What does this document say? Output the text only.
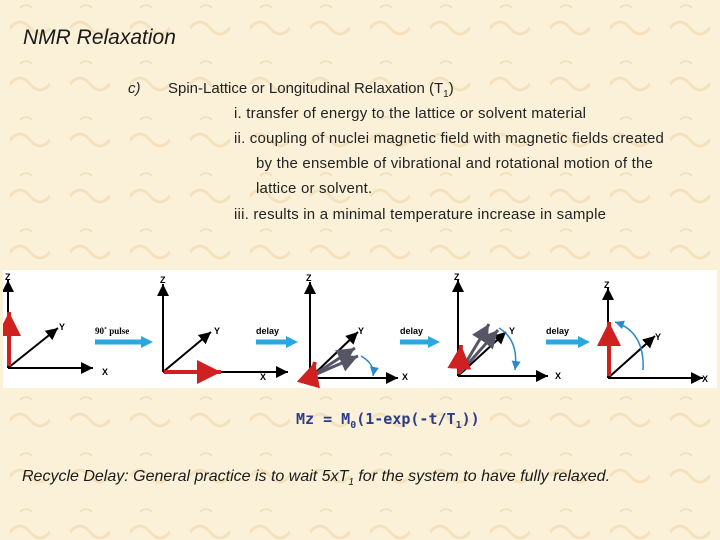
NMR Relaxation
c) Spin-Lattice or Longitudinal Relaxation $(T_1)$
i. transfer of energy to the lattice or solvent material
ii. coupling of nuclei magnetic field with magnetic fields created
by the ensemble of vibrational and rotational motion of the
lattice or solvent.
iii. results in a minimal temperature increase in sample
Z
Y
X
90˚ pulse
Z
Y
X
delay
Z
Y
X
delay
Z
Y
X
delay
Z
Y
X
$Mz = M_0(1-\exp(-t/T_1))$
Recycle Delay: General practice is to wait $5xT_1$ for the system to have fully relaxed.
